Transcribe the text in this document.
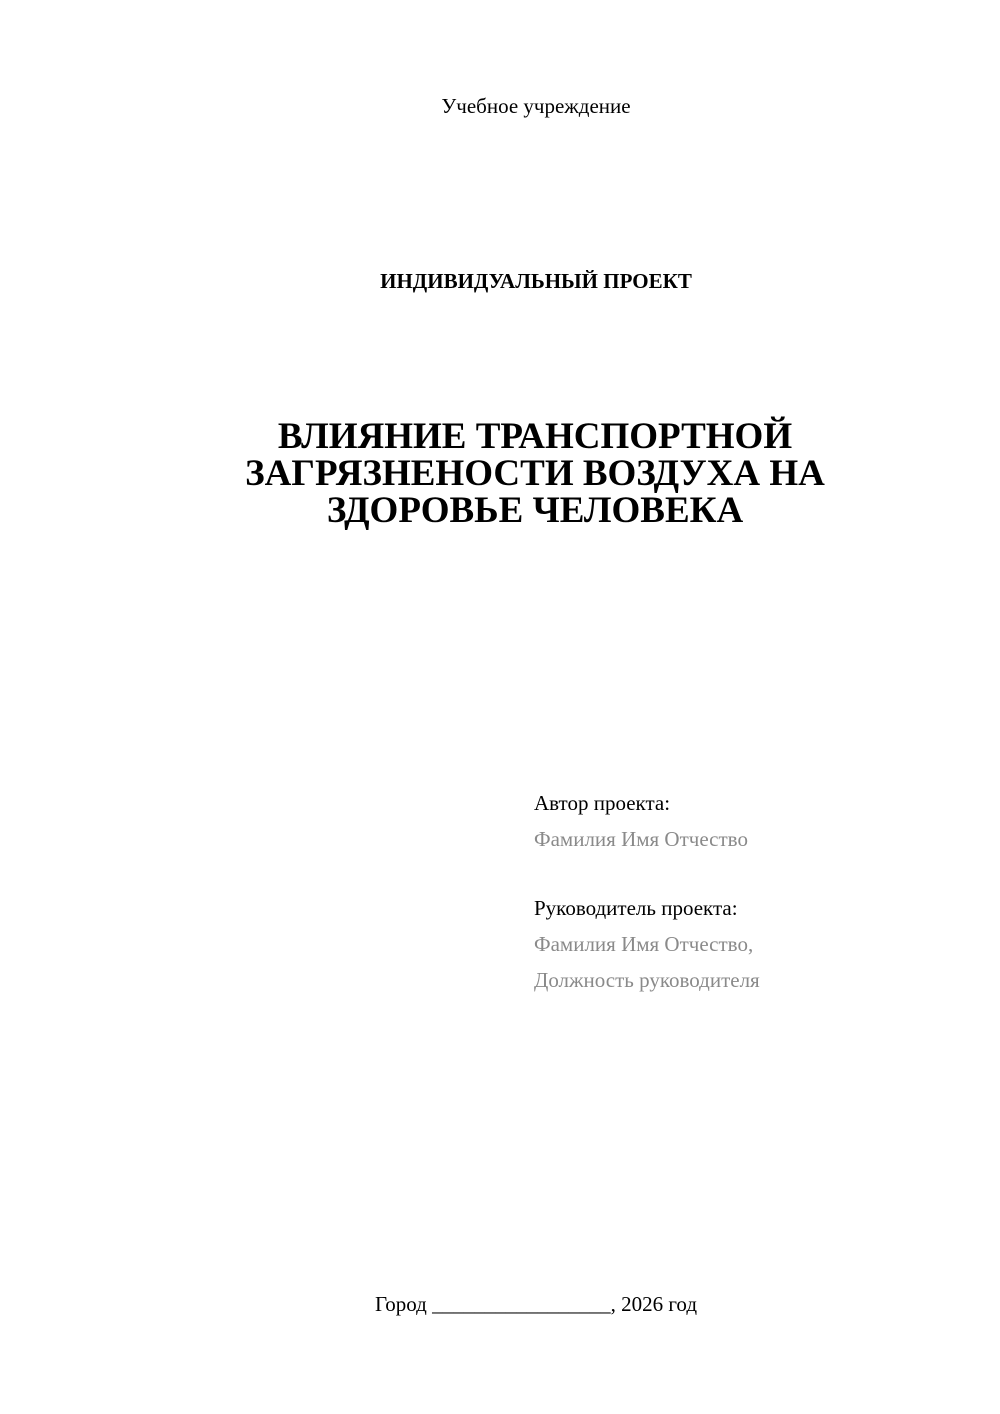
Учебное учреждение
ИНДИВИДУАЛЬНЫЙ ПРОЕКТ
ВЛИЯНИЕ ТРАНСПОРТНОЙ
ЗАГРЯЗНЕНОСТИ ВОЗДУХА НА
ЗДОРОВЬЕ ЧЕЛОВЕКА
Автор проекта:
Фамилия Имя Отчество
Руководитель проекта:
Фамилия Имя Отчество,
Должность руководителя
Город _________________, 2026 год
